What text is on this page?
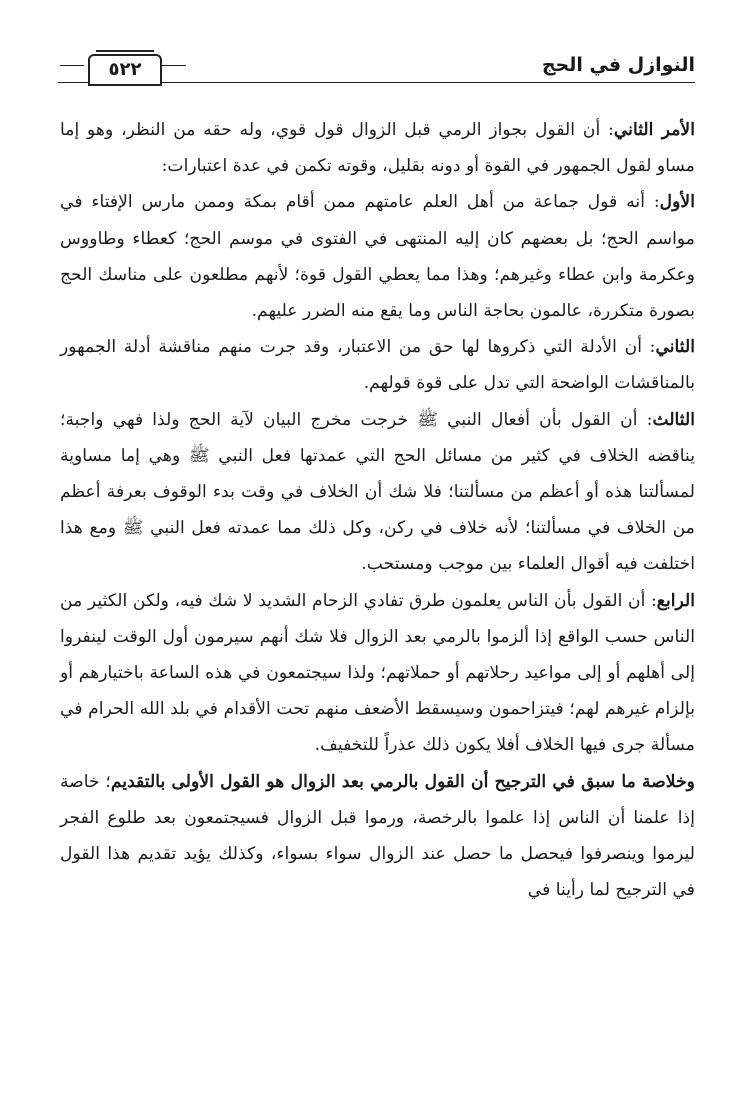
النوازل في الحج
٥٢٢

الأمر الثاني: أن القول بجواز الرمي قبل الزوال قول قوي، وله حقه من النظر، وهو إما مساو لقول الجمهور في القوة أو دونه بقليل، وقوته تكمن في عدة اعتبارات:

الأول: أنه قول جماعة من أهل العلم عامتهم ممن أقام بمكة وممن مارس الإفتاء في مواسم الحج؛ بل بعضهم كان إليه المنتهى في الفتوى في موسم الحج؛ كعطاء وطاووس وعكرمة وابن عطاء وغيرهم؛ وهذا مما يعطي القول قوة؛ لأنهم مطلعون على مناسك الحج بصورة متكررة، عالمون بحاجة الناس وما يقع منه الضرر عليهم.

الثاني: أن الأدلة التي ذكروها لها حق من الاعتبار، وقد جرت منهم مناقشة أدلة الجمهور بالمناقشات الواضحة التي تدل على قوة قولهم.

الثالث: أن القول بأن أفعال النبي ﷺ خرجت مخرج البيان لآية الحج ولذا فهي واجبة؛ يناقضه الخلاف في كثير من مسائل الحج التي عمدتها فعل النبي ﷺ وهي إما مساوية لمسألتنا هذه أو أعظم من مسألتنا؛ فلا شك أن الخلاف في وقت بدء الوقوف بعرفة أعظم من الخلاف في مسألتنا؛ لأنه خلاف في ركن، وكل ذلك مما عمدته فعل النبي ﷺ ومع هذا اختلفت فيه أقوال العلماء بين موجب ومستحب.

الرابع: أن القول بأن الناس يعلمون طرق تفادي الزحام الشديد لا شك فيه، ولكن الكثير من الناس حسب الواقع إذا ألزموا بالرمي بعد الزوال فلا شك أنهم سيرمون أول الوقت لينفروا إلى أهلهم أو إلى مواعيد رحلاتهم أو حملاتهم؛ ولذا سيجتمعون في هذه الساعة باختيارهم أو بإلزام غيرهم لهم؛ فيتزاحمون وسيسقط الأضعف منهم تحت الأقدام في بلد الله الحرام في مسألة جرى فيها الخلاف أفلا يكون ذلك عذراً للتخفيف.

وخلاصة ما سبق في الترجيح أن القول بالرمي بعد الزوال هو القول الأولى بالتقديم؛ خاصة إذا علمنا أن الناس إذا علموا بالرخصة، ورموا قبل الزوال فسيجتمعون بعد طلوع الفجر ليرموا وينصرفوا فيحصل ما حصل عند الزوال سواء بسواء، وكذلك يؤيد تقديم هذا القول في الترجيح لما رأينا في
